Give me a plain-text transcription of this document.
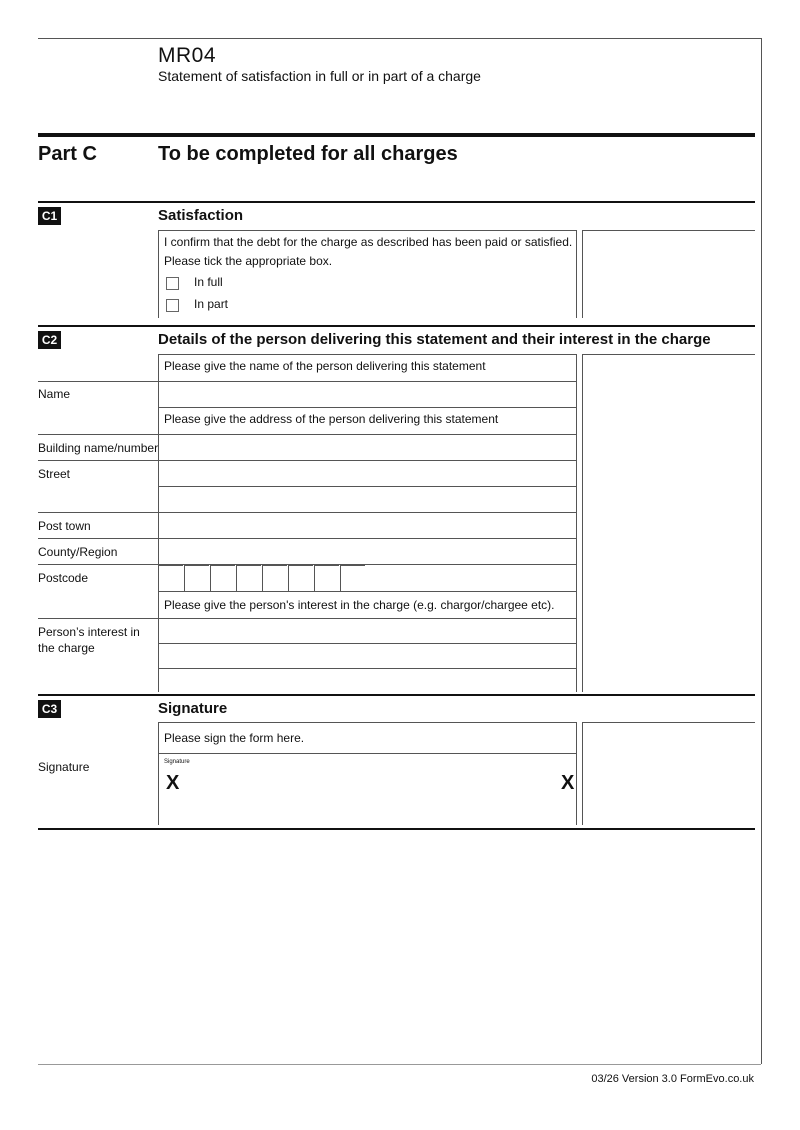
MR04
Statement of satisfaction in full or in part of a charge
Part C	To be completed for all charges
C1	Satisfaction
I confirm that the debt for the charge as described has been paid or satisfied.
Please tick the appropriate box.
In full
In part
C2	Details of the person delivering this statement and their interest in the charge
Please give the name of the person delivering this statement
Name
Please give the address of the person delivering this statement
Building name/number
Street
Post town
County/Region
Postcode
Please give the person's interest in the charge (e.g. chargor/chargee etc).
Person’s interest in
the charge
C3	Signature
Please sign the form here.
Signature	Signature
X	X
03/26 Version 3.0 FormEvo.co.uk
